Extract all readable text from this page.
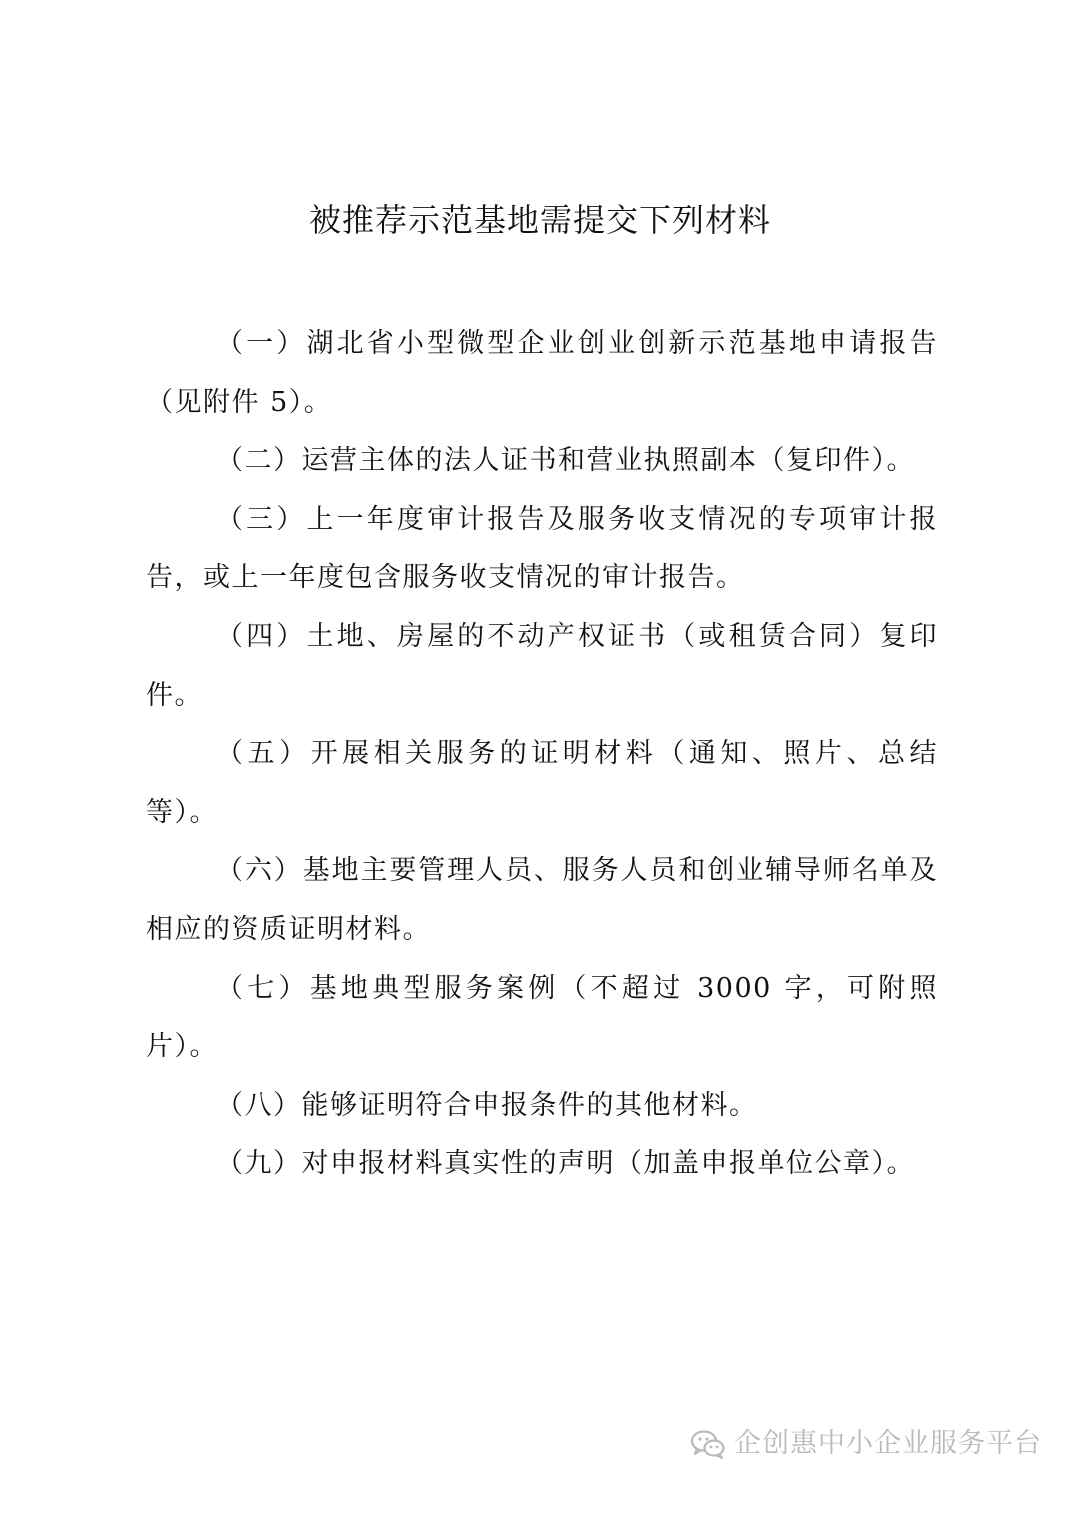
被推荐示范基地需提交下列材料

（一）湖北省小型微型企业创业创新示范基地申请报告（见附件 5）。

（二）运营主体的法人证书和营业执照副本（复印件）。

（三）上一年度审计报告及服务收支情况的专项审计报告，或上一年度包含服务收支情况的审计报告。

（四）土地、房屋的不动产权证书（或租赁合同）复印件。

（五）开展相关服务的证明材料（通知、照片、总结等）。

（六）基地主要管理人员、服务人员和创业辅导师名单及相应的资质证明材料。

（七）基地典型服务案例（不超过 3000 字，可附照片）。

（八）能够证明符合申报条件的其他材料。

（九）对申报材料真实性的声明（加盖申报单位公章）。

企创惠中小企业服务平台
